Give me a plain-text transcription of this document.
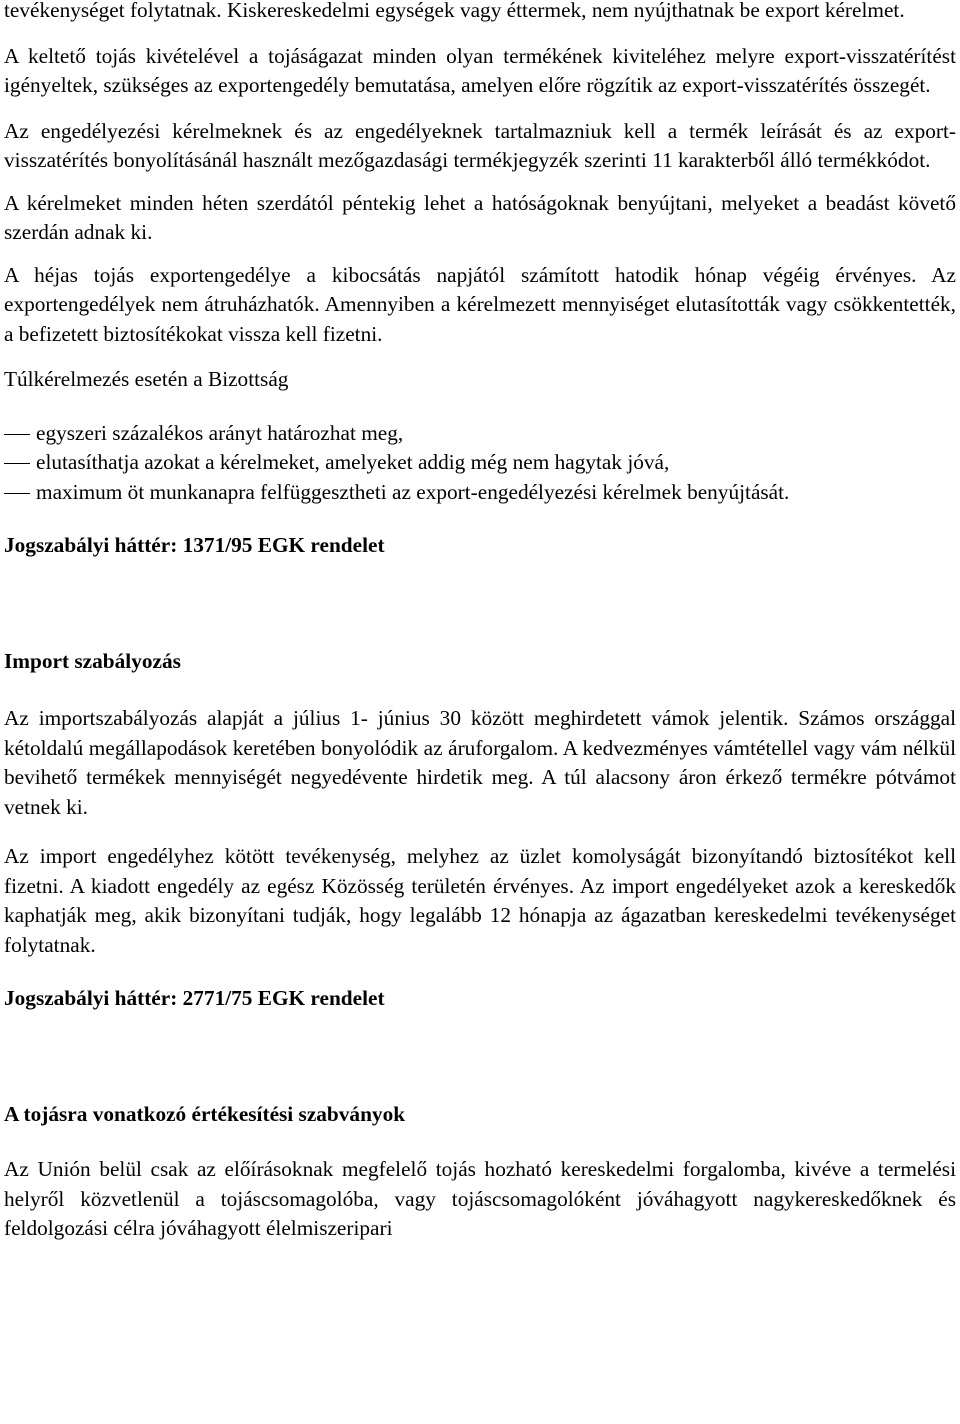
tevékenységet folytatnak. Kiskereskedelmi egységek vagy éttermek, nem nyújthatnak be export kérelmet.

A keltető tojás kivételével a tojáságazat minden olyan termékének kiviteléhez melyre export-visszatérítést igényeltek, szükséges az exportengedély bemutatása, amelyen előre rögzítik az export-visszatérítés összegét.

Az engedélyezési kérelmeknek és az engedélyeknek tartalmazniuk kell a termék leírását és az export-visszatérítés bonyolításánál használt mezőgazdasági termékjegyzék szerinti 11 karakterből álló termékkódot.

A kérelmeket minden héten szerdától péntekig lehet a hatóságoknak benyújtani, melyeket a beadást követő szerdán adnak ki.

A héjas tojás exportengedélye a kibocsátás napjától számított hatodik hónap végéig érvényes. Az exportengedélyek nem átruházhatók. Amennyiben a kérelmezett mennyiséget elutasították vagy csökkentették, a befizetett biztosítékokat vissza kell fizetni.

Túlkérelmezés esetén a Bizottság

egyszeri százalékos arányt határozhat meg,
elutasíthatja azokat a kérelmeket, amelyeket addig még nem hagytak jóvá,
maximum öt munkanapra felfüggesztheti az export-engedélyezési kérelmek benyújtását.

Jogszabályi háttér: 1371/95 EGK rendelet

Import szabályozás

Az importszabályozás alapját a július 1- június 30 között meghirdetett vámok jelentik. Számos országgal kétoldalú megállapodások keretében bonyolódik az áruforgalom. A kedvezményes vámtétellel vagy vám nélkül bevihető termékek mennyiségét negyedévente hirdetik meg. A túl alacsony áron érkező termékre pótvámot vetnek ki.

Az import engedélyhez kötött tevékenység, melyhez az üzlet komolyságát bizonyítandó biztosítékot kell fizetni. A kiadott engedély az egész Közösség területén érvényes. Az import engedélyeket azok a kereskedők kaphatják meg, akik bizonyítani tudják, hogy legalább 12 hónapja az ágazatban kereskedelmi tevékenységet folytatnak.

Jogszabályi háttér: 2771/75 EGK rendelet

A tojásra vonatkozó értékesítési szabványok

Az Unión belül csak az előírásoknak megfelelő tojás hozható kereskedelmi forgalomba, kivéve a termelési helyről közvetlenül a tojáscsomagolóba, vagy tojáscsomagolóként jóváhagyott nagykereskedőknek és feldolgozási célra jóváhagyott élelmiszeripari
